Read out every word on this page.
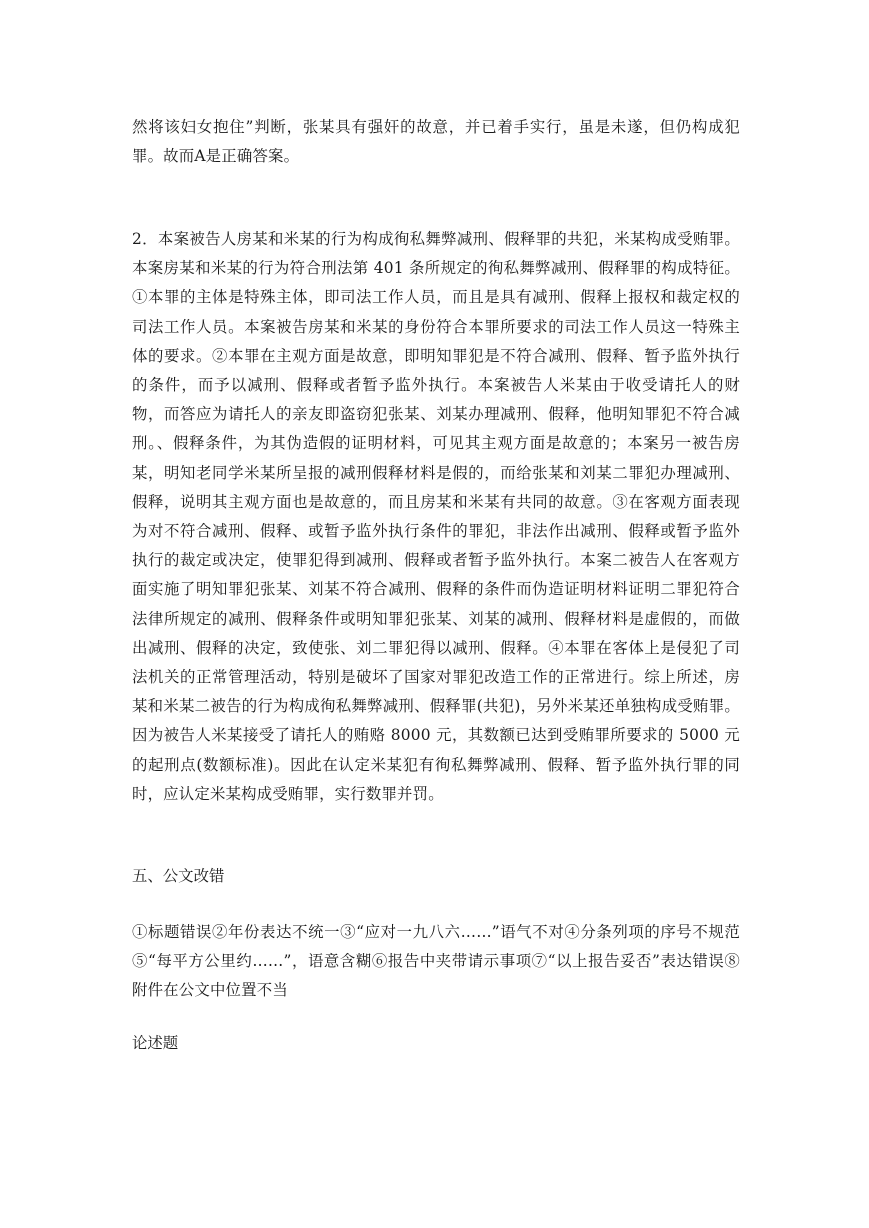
然将该妇女抱住”判断，张某具有强奸的故意，并已着手实行，虽是未遂，但仍构成犯罪。故而A是正确答案。

2．本案被告人房某和米某的行为构成徇私舞弊减刑、假释罪的共犯，米某构成受贿罪。本案房某和米某的行为符合刑法第 401 条所规定的徇私舞弊减刑、假释罪的构成特征。①本罪的主体是特殊主体，即司法工作人员，而且是具有减刑、假释上报权和裁定权的司法工作人员。本案被告房某和米某的身份符合本罪所要求的司法工作人员这一特殊主体的要求。②本罪在主观方面是故意，即明知罪犯是不符合减刑、假释、暂予监外执行的条件，而予以减刑、假释或者暂予监外执行。本案被告人米某由于收受请托人的财物，而答应为请托人的亲友即盗窃犯张某、刘某办理减刑、假释，他明知罪犯不符合减刑。、假释条件，为其伪造假的证明材料，可见其主观方面是故意的；本案另一被告房某，明知老同学米某所呈报的减刑假释材料是假的，而给张某和刘某二罪犯办理减刑、假释，说明其主观方面也是故意的，而且房某和米某有共同的故意。③在客观方面表现为对不符合减刑、假释、或暂予监外执行条件的罪犯，非法作出减刑、假释或暂予监外执行的裁定或决定，使罪犯得到减刑、假释或者暂予监外执行。本案二被告人在客观方面实施了明知罪犯张某、刘某不符合减刑、假释的条件而伪造证明材料证明二罪犯符合法律所规定的减刑、假释条件或明知罪犯张某、刘某的减刑、假释材料是虚假的，而做出减刑、假释的决定，致使张、刘二罪犯得以减刑、假释。④本罪在客体上是侵犯了司法机关的正常管理活动，特别是破坏了国家对罪犯改造工作的正常进行。综上所述，房某和米某二被告的行为构成徇私舞弊减刑、假释罪(共犯)，另外米某还单独构成受贿罪。因为被告人米某接受了请托人的贿赂 8000 元，其数额已达到受贿罪所要求的 5000 元的起刑点(数额标准)。因此在认定米某犯有徇私舞弊减刑、假释、暂予监外执行罪的同时，应认定米某构成受贿罪，实行数罪并罚。

五、公文改错

①标题错误②年份表达不统一③“应对一九八六……”语气不对④分条列项的序号不规范⑤“每平方公里约……”，语意含糊⑥报告中夹带请示事项⑦“以上报告妥否”表达错误⑧附件在公文中位置不当

论述题
